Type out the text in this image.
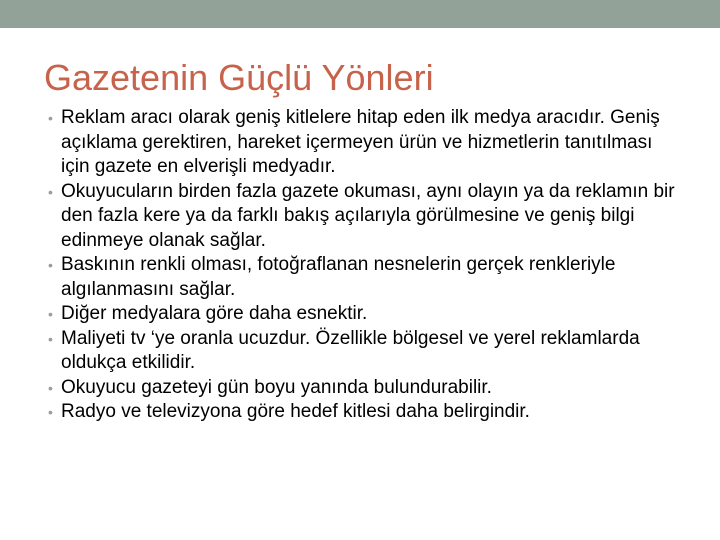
Gazetenin Güçlü Yönleri
• Reklam aracı olarak geniş kitlelere hitap eden ilk medya aracıdır. Geniş açıklama gerektiren, hareket içermeyen ürün ve hizmetlerin tanıtılması için gazete en elverişli medyadır.
• Okuyucuların birden fazla gazete okuması, aynı olayın ya da reklamın bir den fazla kere ya da farklı bakış açılarıyla görülmesine ve geniş bilgi edinmeye olanak sağlar.
• Baskının renkli olması, fotoğraflanan nesnelerin gerçek renkleriyle algılanmasını sağlar.
• Diğer medyalara göre daha esnektir.
• Maliyeti tv ‘ye oranla ucuzdur. Özellikle bölgesel ve yerel reklamlarda oldukça etkilidir.
• Okuyucu gazeteyi gün boyu yanında bulundurabilir.
• Radyo ve televizyona göre hedef kitlesi daha belirgindir.
